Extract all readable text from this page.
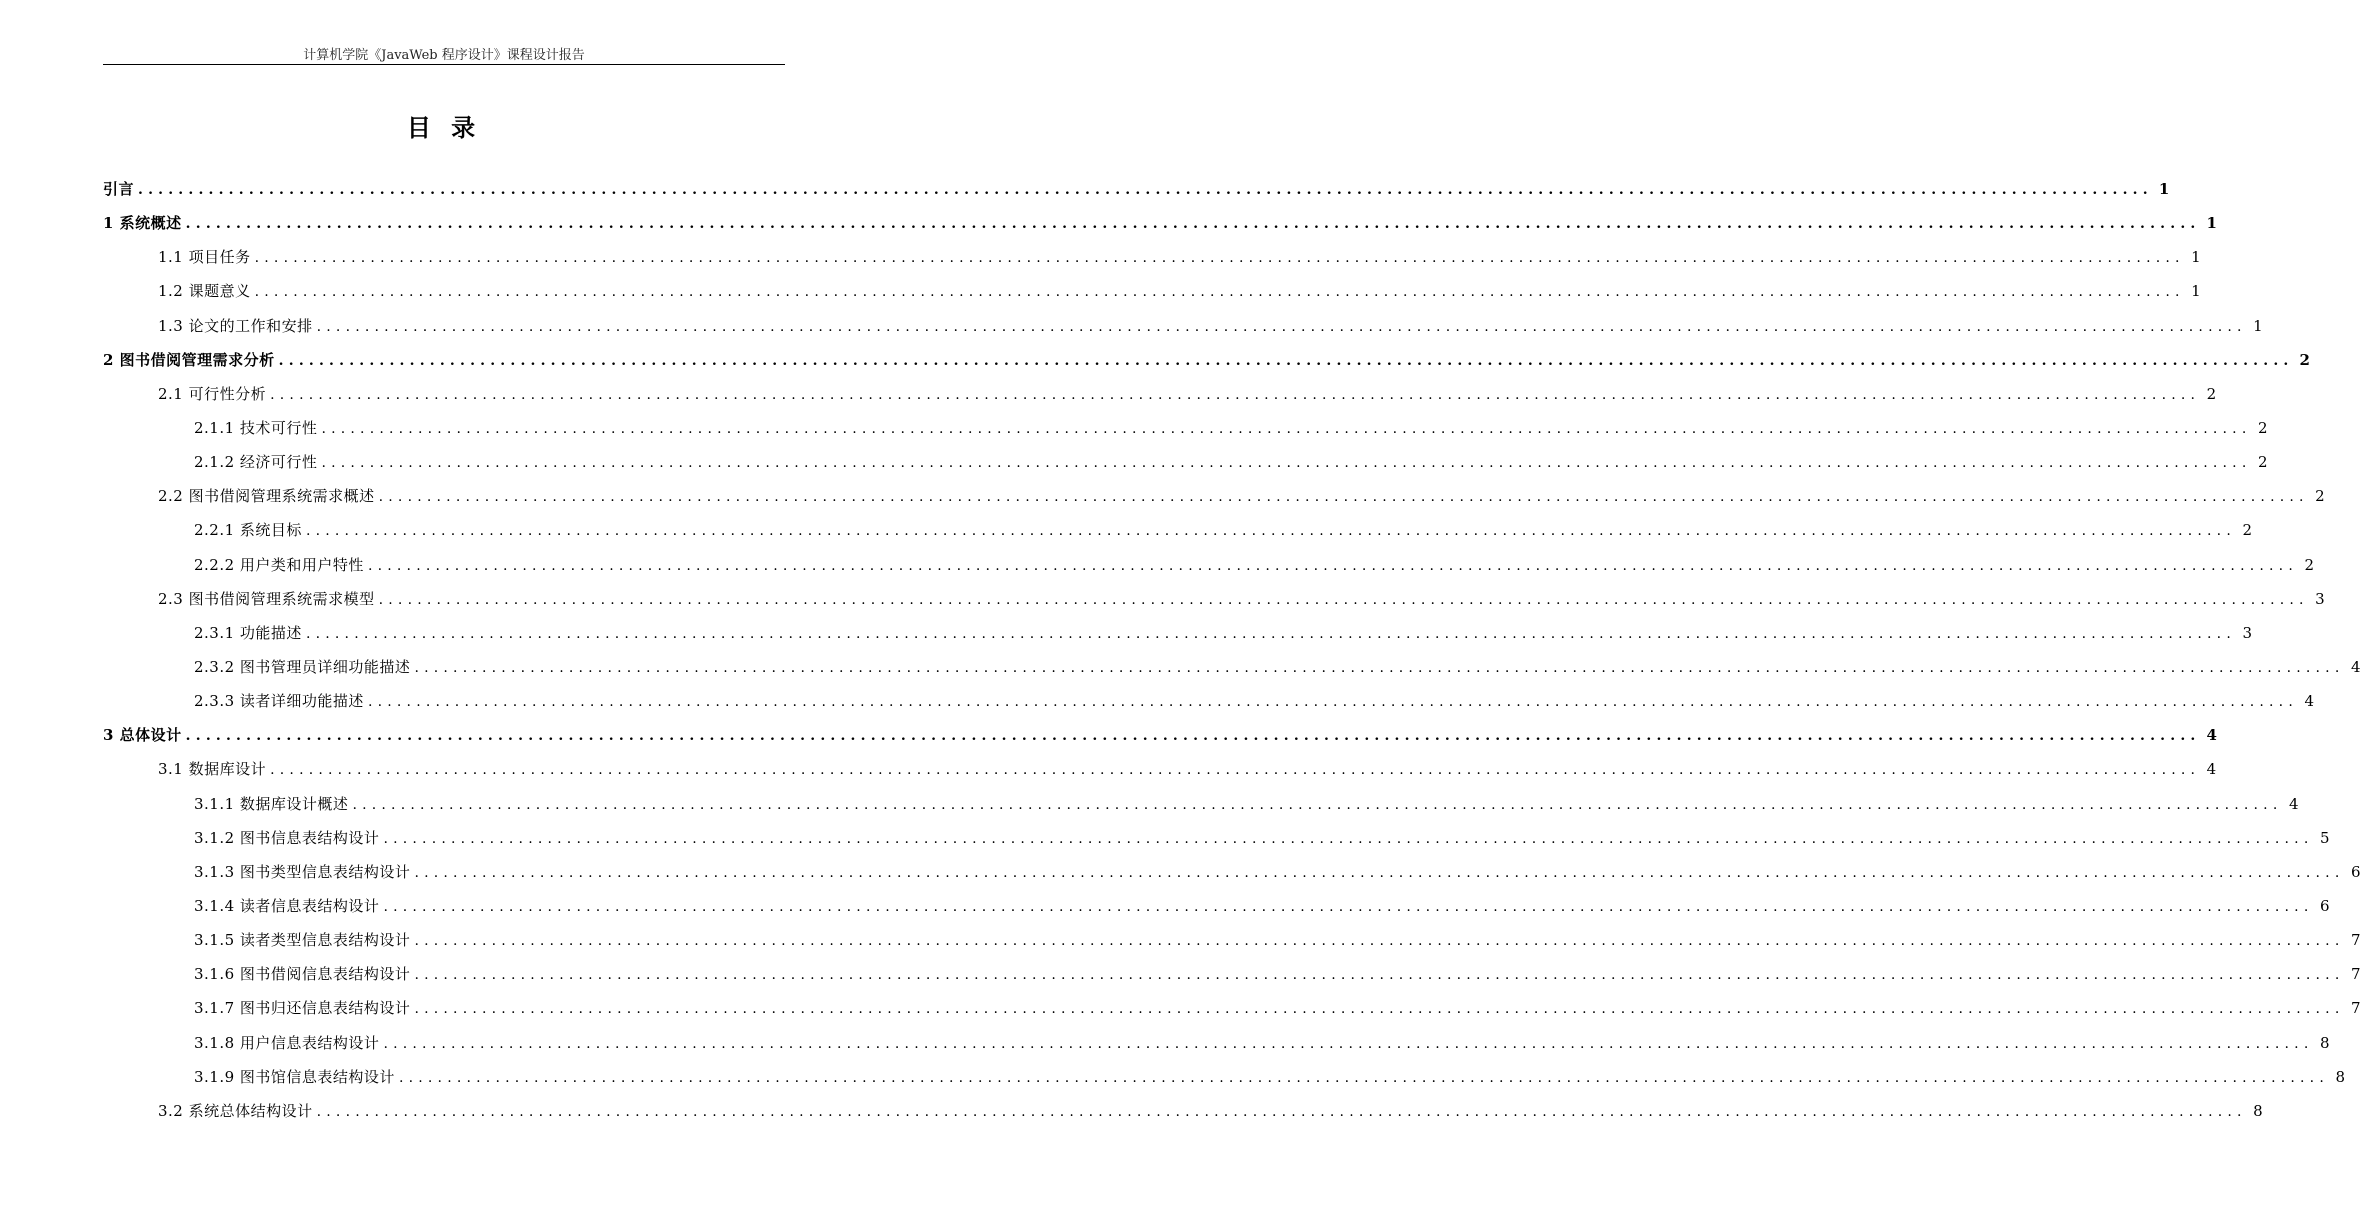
计算机学院《JavaWeb 程序设计》课程设计报告
目 录
引言 ........................................................................................................................................................................................................ 1
1 系统概述 ........................................................................................................................................................................................................ 1
1.1 项目任务 ........................................................................................................................................................................................................ 1
1.2 课题意义 ........................................................................................................................................................................................................ 1
1.3 论文的工作和安排 ........................................................................................................................................................................................................ 1
2 图书借阅管理需求分析 ........................................................................................................................................................................................................ 2
2.1 可行性分析 ........................................................................................................................................................................................................ 2
2.1.1 技术可行性 ........................................................................................................................................................................................................ 2
2.1.2 经济可行性 ........................................................................................................................................................................................................ 2
2.2 图书借阅管理系统需求概述 ........................................................................................................................................................................................................ 2
2.2.1 系统目标 ........................................................................................................................................................................................................ 2
2.2.2 用户类和用户特性 ........................................................................................................................................................................................................ 2
2.3 图书借阅管理系统需求模型 ........................................................................................................................................................................................................ 3
2.3.1 功能描述 ........................................................................................................................................................................................................ 3
2.3.2 图书管理员详细功能描述 ........................................................................................................................................................................................................ 4
2.3.3 读者详细功能描述 ........................................................................................................................................................................................................ 4
3 总体设计 ........................................................................................................................................................................................................ 4
3.1 数据库设计 ........................................................................................................................................................................................................ 4
3.1.1 数据库设计概述 ........................................................................................................................................................................................................ 4
3.1.2 图书信息表结构设计 ........................................................................................................................................................................................................ 5
3.1.3 图书类型信息表结构设计 ........................................................................................................................................................................................................ 6
3.1.4 读者信息表结构设计 ........................................................................................................................................................................................................ 6
3.1.5 读者类型信息表结构设计 ........................................................................................................................................................................................................ 7
3.1.6 图书借阅信息表结构设计 ........................................................................................................................................................................................................ 7
3.1.7 图书归还信息表结构设计 ........................................................................................................................................................................................................ 7
3.1.8 用户信息表结构设计 ........................................................................................................................................................................................................ 8
3.1.9 图书馆信息表结构设计 ........................................................................................................................................................................................................ 8
3.2 系统总体结构设计 ........................................................................................................................................................................................................ 8
